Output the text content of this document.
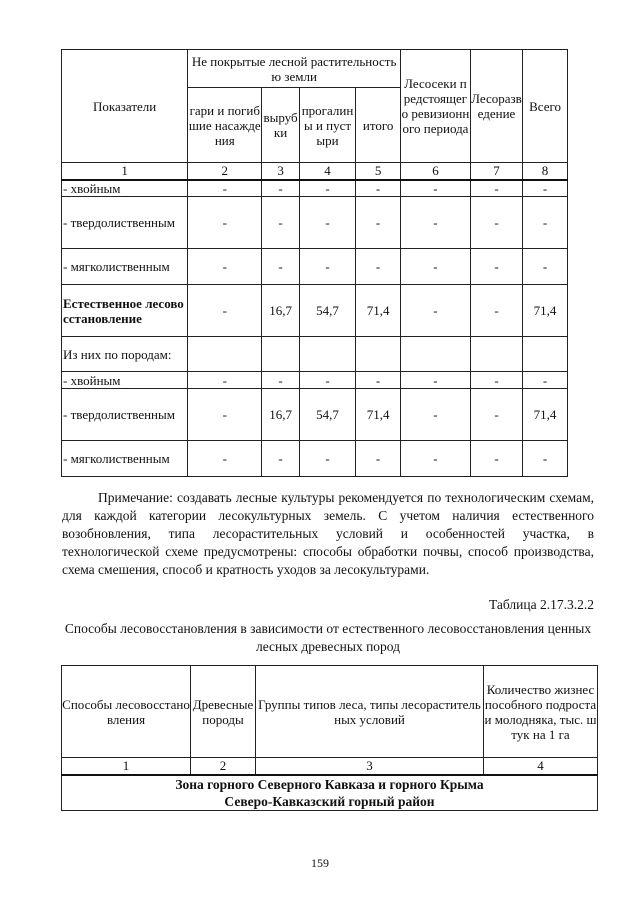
Показатели	Не покрытые лесной растительностью земли				Лесосеки предстоящего ревизионного периода	Лесоразведение	Всего
	гари и погибшие насаждения	вырубки	прогалины и пустыри	итого			
1	2	3	4	5	6	7	8
- хвойным	-	-	-	-	-	-	-
- твердолиственным	-	-	-	-	-	-	-
- мягколиственным	-	-	-	-	-	-	-
Естественное лесовосстановление	-	16,7	54,7	71,4	-	-	71,4
Из них по породам:							
- хвойным	-	-	-	-	-	-	-
- твердолиственным	-	16,7	54,7	71,4	-	-	71,4
- мягколиственным	-	-	-	-	-	-	-
Примечание: создавать лесные культуры рекомендуется по технологическим схемам, для каждой категории лесокультурных земель. С учетом наличия естественного возобновления, типа лесорастительных условий и особенностей участка, в технологической схеме предусмотрены: способы обработки почвы, способ производства, схема смешения, способ и кратность уходов за лесокультурами.
Таблица 2.17.3.2.2
Способы лесовосстановления в зависимости от естественного лесовосстановления ценных лесных древесных пород
Способы лесовосстановления	Древесные породы	Группы типов леса, типы лесорастительных условий	Количество жизнеспособного подроста и молодняка, тыс. штук на 1 га
1	2	3	4

Зона горного Северного Кавказа и горного Крыма
Северо-Кавказский горный район			
159
